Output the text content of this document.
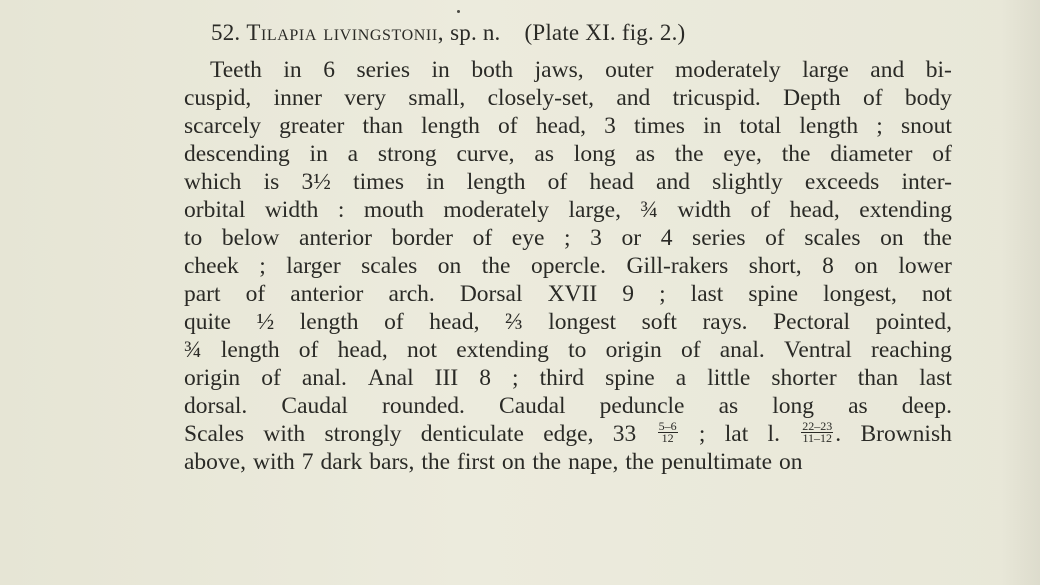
52. Tilapia livingstonii, sp. n. (Plate XI. fig. 2.)
Teeth in 6 series in both jaws, outer moderately large and bi-
cuspid, inner very small, closely-set, and tricuspid. Depth of body
scarcely greater than length of head, 3 times in total length ; snout
descending in a strong curve, as long as the eye, the diameter of
which is 3½ times in length of head and slightly exceeds inter-
orbital width : mouth moderately large, ¾ width of head, extending
to below anterior border of eye ; 3 or 4 series of scales on the
cheek ; larger scales on the opercle. Gill-rakers short, 8 on lower
part of anterior arch. Dorsal XVII 9 ; last spine longest, not
quite ½ length of head, ⅔ longest soft rays. Pectoral pointed,
¾ length of head, not extending to origin of anal. Ventral reaching
origin of anal. Anal III 8 ; third spine a little shorter than last
dorsal. Caudal rounded. Caudal peduncle as long as deep.
Scales with strongly denticulate edge, $33 \frac{5-6}{12}$ ; lat l. $\frac{22-23}{11-12}$ . Brownish
above, with 7 dark bars, the first on the nape, the penultimate on
